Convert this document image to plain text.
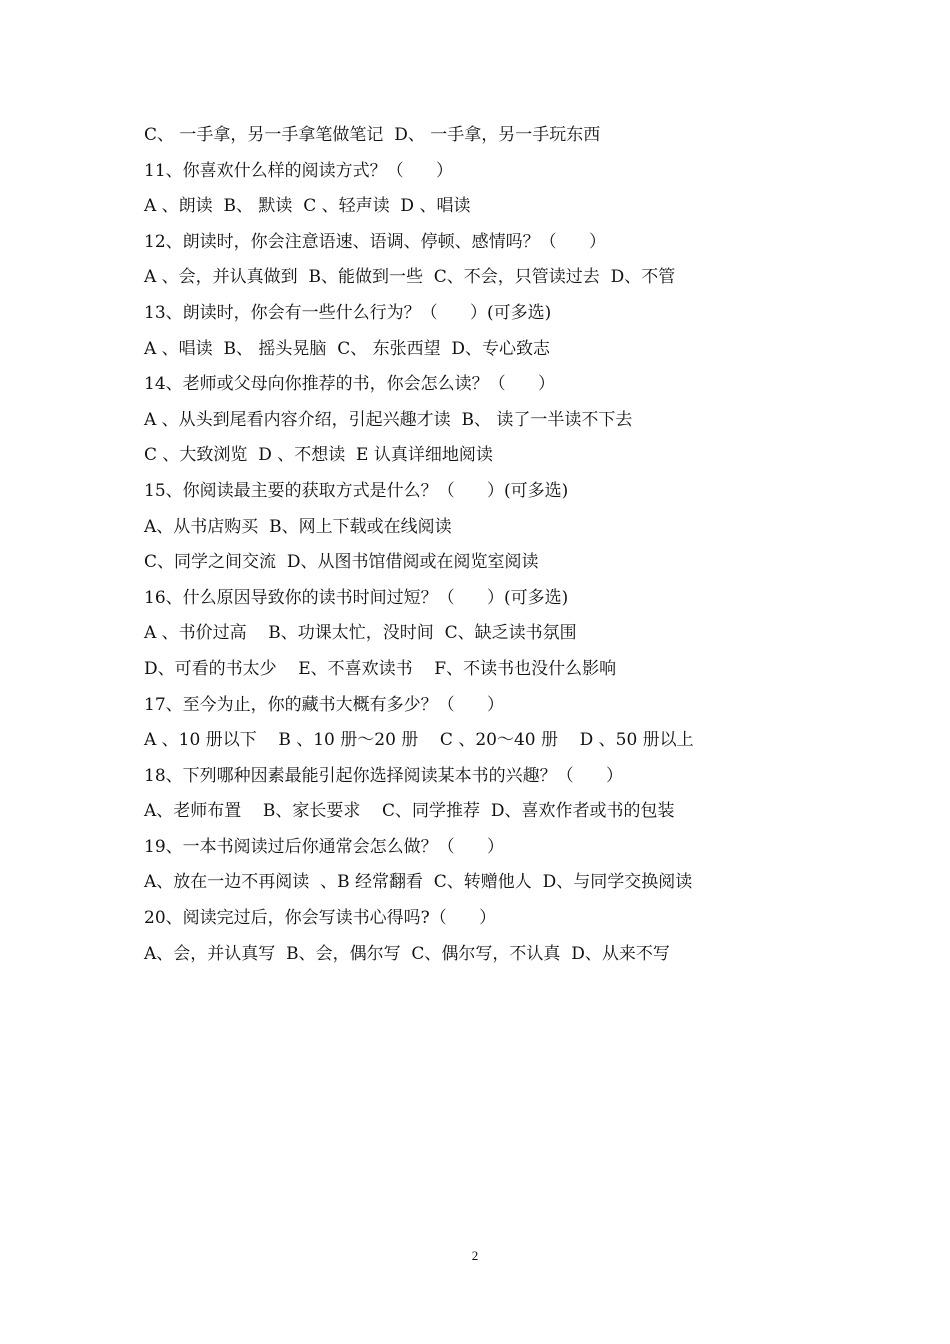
C、 一手拿，另一手拿笔做笔记  D、 一手拿，另一手玩东西
11、你喜欢什么样的阅读方式？（      ）
A 、朗读  B、 默读  C 、轻声读  D 、唱读
12、朗读时，你会注意语速、语调、停顿、感情吗？（      ）
A 、会，并认真做到  B、能做到一些  C、不会，只管读过去  D、不管
13、朗读时，你会有一些什么行为？（      ）(可多选)
A 、唱读  B、 摇头晃脑  C、 东张西望  D、专心致志
14、老师或父母向你推荐的书，你会怎么读？（      ）
A 、从头到尾看内容介绍，引起兴趣才读  B、 读了一半读不下去
C 、大致浏览  D 、不想读  E 认真详细地阅读
15、你阅读最主要的获取方式是什么？（      ）(可多选)
A、从书店购买  B、网上下载或在线阅读
C、同学之间交流  D、从图书馆借阅或在阅览室阅读
16、什么原因导致你的读书时间过短？（      ）(可多选)
A 、书价过高    B、功课太忙，没时间  C、缺乏读书氛围
D、可看的书太少    E、不喜欢读书    F、不读书也没什么影响
17、至今为止，你的藏书大概有多少？（      ）
A 、10 册以下    B 、10 册～20 册    C 、20～40 册    D 、50 册以上
18、下列哪种因素最能引起你选择阅读某本书的兴趣？（      ）
A、老师布置    B、家长要求    C、同学推荐  D、喜欢作者或书的包装
19、一本书阅读过后你通常会怎么做？（      ）
A、放在一边不再阅读  、B 经常翻看  C、转赠他人  D、与同学交换阅读
20、阅读完过后，你会写读书心得吗?（      ）
A、会，并认真写  B、会，偶尔写  C、偶尔写，不认真  D、从来不写
2
